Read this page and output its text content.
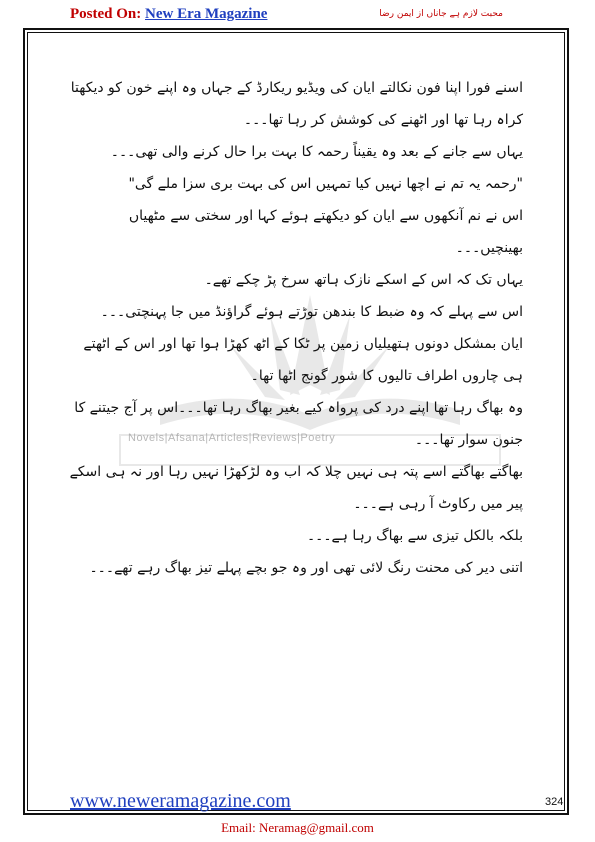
Posted On: New Era Magazine	محبت لازم ہے جاناں از ایمن رضا
Novels|Afsana|Articles|Reviews|Poetry

اسنے فورا اپنا فون نکالتے ایان کی ویڈیو ریکارڈ کے جہاں وہ اپنے خون کو دیکھتا کراہ رہا تھا اور اٹھنے کی کوشش کر رہا تھا۔۔۔

یہاں سے جانے کے بعد وہ یقیناً رحمہ کا بہت برا حال کرنے والی تھی۔۔۔

"رحمہ یہ تم نے اچھا نہیں کیا تمہیں اس کی بہت بری سزا ملے گی"

اس نے نم آنکھوں سے ایان کو دیکھتے ہوئے کہا اور سختی سے مٹھیاں بھینچیں۔۔۔

یہاں تک کہ اس کے اسکے نازک ہاتھ سرخ پڑ چکے تھے۔

اس سے پہلے کہ وہ ضبط کا بندھن توڑتے ہوئے گراؤنڈ میں جا پہنچتی۔۔۔

ایان بمشکل دونوں ہتھیلیاں زمین پر ٹکا کے اٹھ کھڑا ہوا تھا اور اس کے اٹھتے ہی چاروں اطراف تالیوں کا شور گونج اٹھا تھا۔

وہ بھاگ رہا تھا اپنے درد کی پرواہ کیے بغیر بھاگ رہا تھا۔۔۔اس پر آج جیتنے کا جنون سوار تھا۔۔۔

بھاگتے بھاگتے اسے پتہ ہی نہیں چلا کہ اب وہ لڑکھڑا نہیں رہا اور نہ ہی اسکے پیر میں رکاوٹ آ رہی ہے۔۔۔

بلکہ بالکل تیزی سے بھاگ رہا ہے۔۔۔

اتنی دیر کی محنت رنگ لائی تھی اور وہ جو بچے پہلے تیز بھاگ رہے تھے۔۔۔

www.neweramagazine.com	324
Email: Neramag@gmail.com
